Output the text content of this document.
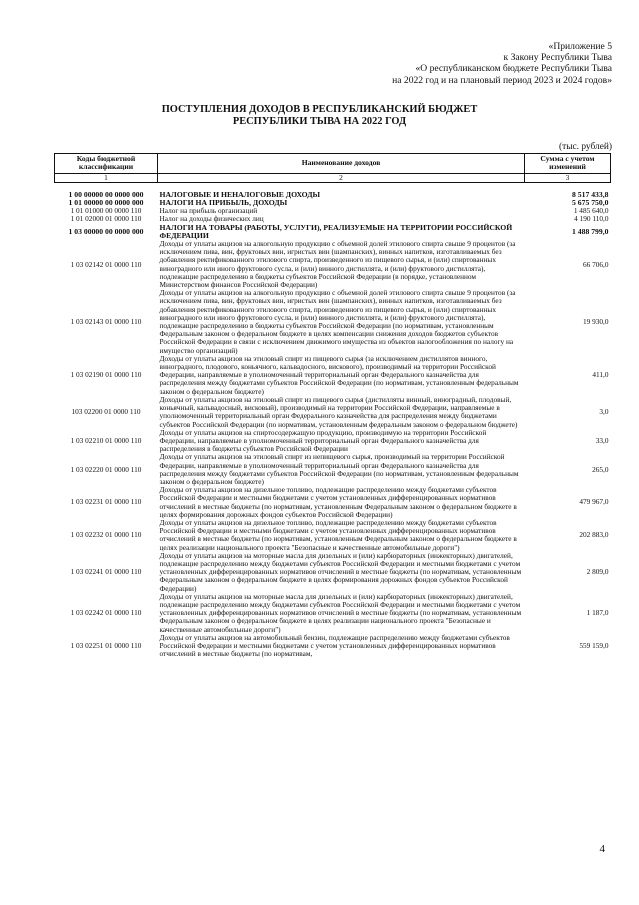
«Приложение 5
к Закону Республики Тыва
«О республиканском бюджете Республики Тыва
на 2022 год и на плановый период 2023 и 2024 годов»
ПОСТУПЛЕНИЯ ДОХОДОВ В РЕСПУБЛИКАНСКИЙ БЮДЖЕТ
РЕСПУБЛИКИ ТЫВА НА 2022 ГОД
(тыс. рублей)
Коды бюджетной классификации	Наименование доходов	Сумма с учетом изменений
1	2	3

1 00 00000 00 0000 000	НАЛОГОВЫЕ И НЕНАЛОГОВЫЕ ДОХОДЫ	8 517 433,8
1 01 00000 00 0000 000	НАЛОГИ НА ПРИБЫЛЬ, ДОХОДЫ	5 675 750,0
1 01 01000 00 0000 110	Налог на прибыль организаций	1 485 640,0
1 01 02000 01 0000 110	Налог на доходы физических лиц	4 190 110,0
1 03 00000 00 0000 000	НАЛОГИ НА ТОВАРЫ (РАБОТЫ, УСЛУГИ), РЕАЛИЗУЕМЫЕ НА ТЕРРИТОРИИ РОССИЙСКОЙ ФЕДЕРАЦИИ	1 488 799,0
1 03 02142 01 0000 110	Доходы от уплаты акцизов на алкогольную продукцию с объемной долей этилового спирта свыше 9 процентов (за исключением пива, вин, фруктовых вин, игристых вин (шампанских), винных напитков, изготавливаемых без добавления ректификованного этилового спирта, произведенного из пищевого сырья, и (или) спиртованных виноградного или иного фруктового сусла, и (или) винного дистиллята, и (или) фруктового дистиллята), подлежащие распределению в бюджеты субъектов Российской Федерации (в порядке, установленном Министерством финансов Российской Федерации)	66 706,0
1 03 02143 01 0000 110	Доходы от уплаты акцизов на алкогольную продукцию с объемной долей этилового спирта свыше 9 процентов (за исключением пива, вин, фруктовых вин, игристых вин (шампанских), винных напитков, изготавливаемых без добавления ректификованного этилового спирта, произведенного из пищевого сырья, и (или) спиртованных виноградного или иного фруктового сусла, и (или) винного дистиллята, и (или) фруктового дистиллята), подлежащие распределению в бюджеты субъектов Российской Федерации (по нормативам, установленным Федеральным законом о федеральном бюджете в целях компенсации снижения доходов бюджетов субъектов Российской Федерации в связи с исключением движимого имущества из объектов налогообложения по налогу на имущество организаций)	19 930,0
1 03 02190 01 0000 110	Доходы от уплаты акцизов на этиловый спирт из пищевого сырья (за исключением дистиллятов винного, виноградного, плодового, коньячного, кальвадосного, вискового), производимый на территории Российской Федерации, направляемые в уполномоченный территориальный орган Федерального казначейства для распределения между бюджетами субъектов Российской Федерации (по нормативам, установленным федеральным законом о федеральном бюджете)	411,0
103 02200 01 0000 110	Доходы от уплаты акцизов на этиловый спирт из пищевого сырья (дистилляты винный, виноградный, плодовый, коньячный, кальвадосный, висковый), производимый на территории Российской Федерации, направляемые в уполномоченный территориальный орган Федерального казначейства для распределения между бюджетами субъектов Российской Федерации (по нормативам, установленным федеральным законом о федеральном бюджете)	3,0
1 03 02210 01 0000 110	Доходы от уплаты акцизов на спиртосодержащую продукцию, производимую на территории Российской Федерации, направляемые в уполномоченный территориальный орган Федерального казначейства для распределения в бюджеты субъектов Российской Федерации	33,0
1 03 02220 01 0000 110	Доходы от уплаты акцизов на этиловый спирт из непищевого сырья, производимый на территории Российской Федерации, направляемые в уполномоченный территориальный орган Федерального казначейства для распределения между бюджетами субъектов Российской Федерации (по нормативам, установленным федеральным законом о федеральном бюджете)	265,0
1 03 02231 01 0000 110	Доходы от уплаты акцизов на дизельное топливо, подлежащие распределению между бюджетами субъектов Российской Федерации и местными бюджетами с учетом установленных дифференцированных нормативов отчислений в местные бюджеты (по нормативам, установленным Федеральным законом о федеральном бюджете в целях формирования дорожных фондов субъектов Российской Федерации)	479 967,0
1 03 02232 01 0000 110	Доходы от уплаты акцизов на дизельное топливо, подлежащие распределению между бюджетами субъектов Российской Федерации и местными бюджетами с учетом установленных дифференцированных нормативов отчислений в местные бюджеты (по нормативам, установленным Федеральным законом о федеральном бюджете в целях реализации национального проекта "Безопасные и качественные автомобильные дороги")	202 883,0
1 03 02241 01 0000 110	Доходы от уплаты акцизов на моторные масла для дизельных и (или) карбюраторных (инжекторных) двигателей, подлежащие распределению между бюджетами субъектов Российской Федерации и местными бюджетами с учетом установленных дифференцированных нормативов отчислений в местные бюджеты (по нормативам, установленным Федеральным законом о федеральном бюджете в целях формирования дорожных фондов субъектов Российской Федерации)	2 809,0
1 03 02242 01 0000 110	Доходы от уплаты акцизов на моторные масла для дизельных и (или) карбюраторных (инжекторных) двигателей, подлежащие распределению между бюджетами субъектов Российской Федерации и местными бюджетами с учетом установленных дифференцированных нормативов отчислений в местные бюджеты (по нормативам, установленным Федеральным законом о федеральном бюджете в целях реализации национального проекта "Безопасные и качественные автомобильные дороги")	1 187,0
1 03 02251 01 0000 110	Доходы от уплаты акцизов на автомобильный бензин, подлежащие распределению между бюджетами субъектов Российской Федерации и местными бюджетами с учетом установленных дифференцированных нормативов отчислений в местные бюджеты (по нормативам,	559 159,0
4
